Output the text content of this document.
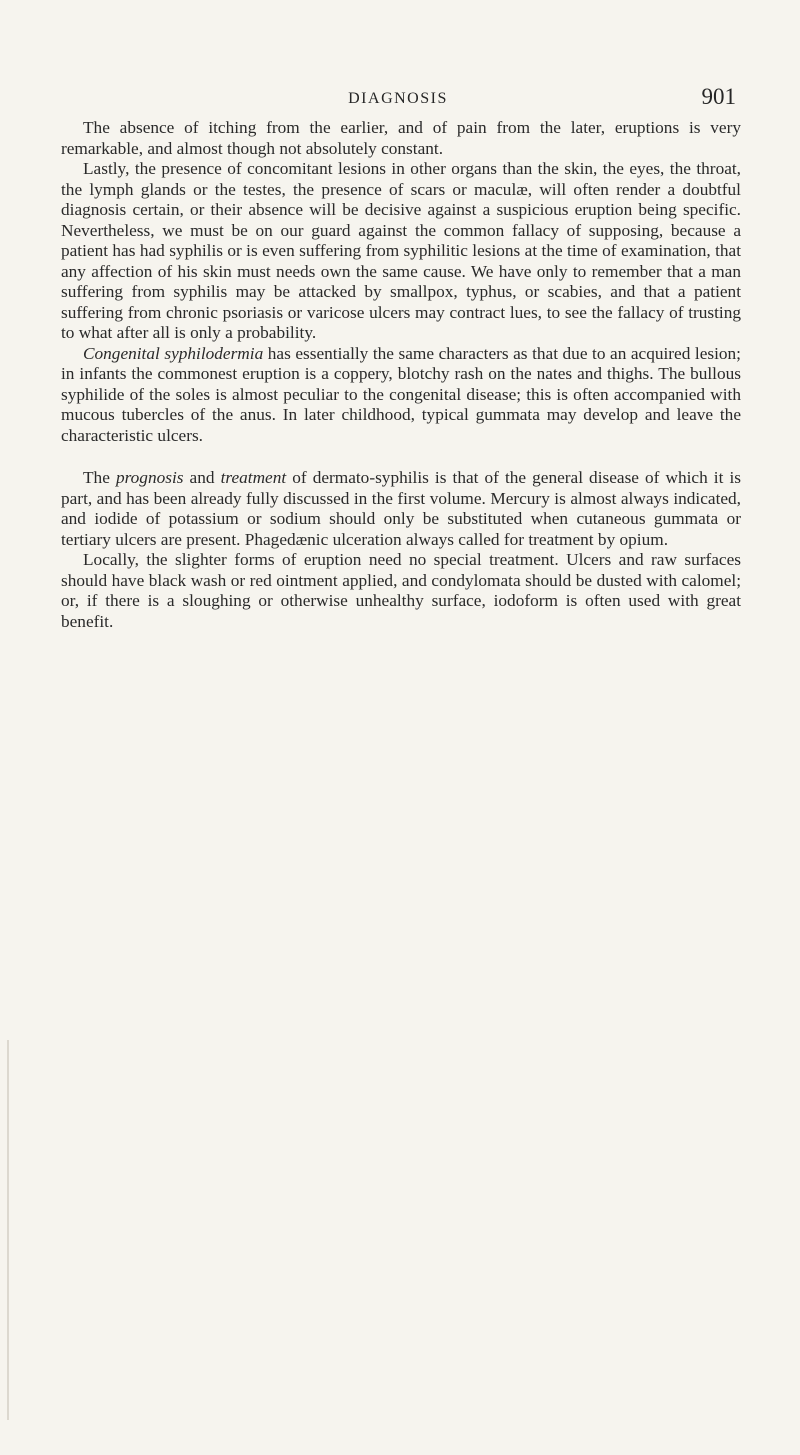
DIAGNOSIS	901

The absence of itching from the earlier, and of pain from the later, eruptions is very remarkable, and almost though not absolutely constant.

Lastly, the presence of concomitant lesions in other organs than the skin, the eyes, the throat, the lymph glands or the testes, the presence of scars or maculæ, will often render a doubtful diagnosis certain, or their absence will be decisive against a suspicious eruption being specific. Nevertheless, we must be on our guard against the common fallacy of supposing, because a patient has had syphilis or is even suffering from syphilitic lesions at the time of examination, that any affection of his skin must needs own the same cause. We have only to remember that a man suffering from syphilis may be attacked by smallpox, typhus, or scabies, and that a patient suffering from chronic psoriasis or varicose ulcers may contract lues, to see the fallacy of trusting to what after all is only a probability.

Congenital syphilodermia has essentially the same characters as that due to an acquired lesion; in infants the commonest eruption is a coppery, blotchy rash on the nates and thighs. The bullous syphilide of the soles is almost peculiar to the congenital disease; this is often accompanied with mucous tubercles of the anus. In later childhood, typical gummata may develop and leave the characteristic ulcers.

The prognosis and treatment of dermato-syphilis is that of the general disease of which it is part, and has been already fully discussed in the first volume. Mercury is almost always indicated, and iodide of potassium or sodium should only be substituted when cutaneous gummata or tertiary ulcers are present. Phagedænic ulceration always called for treatment by opium.

Locally, the slighter forms of eruption need no special treatment. Ulcers and raw surfaces should have black wash or red ointment applied, and condylomata should be dusted with calomel; or, if there is a sloughing or otherwise unhealthy surface, iodoform is often used with great benefit.
